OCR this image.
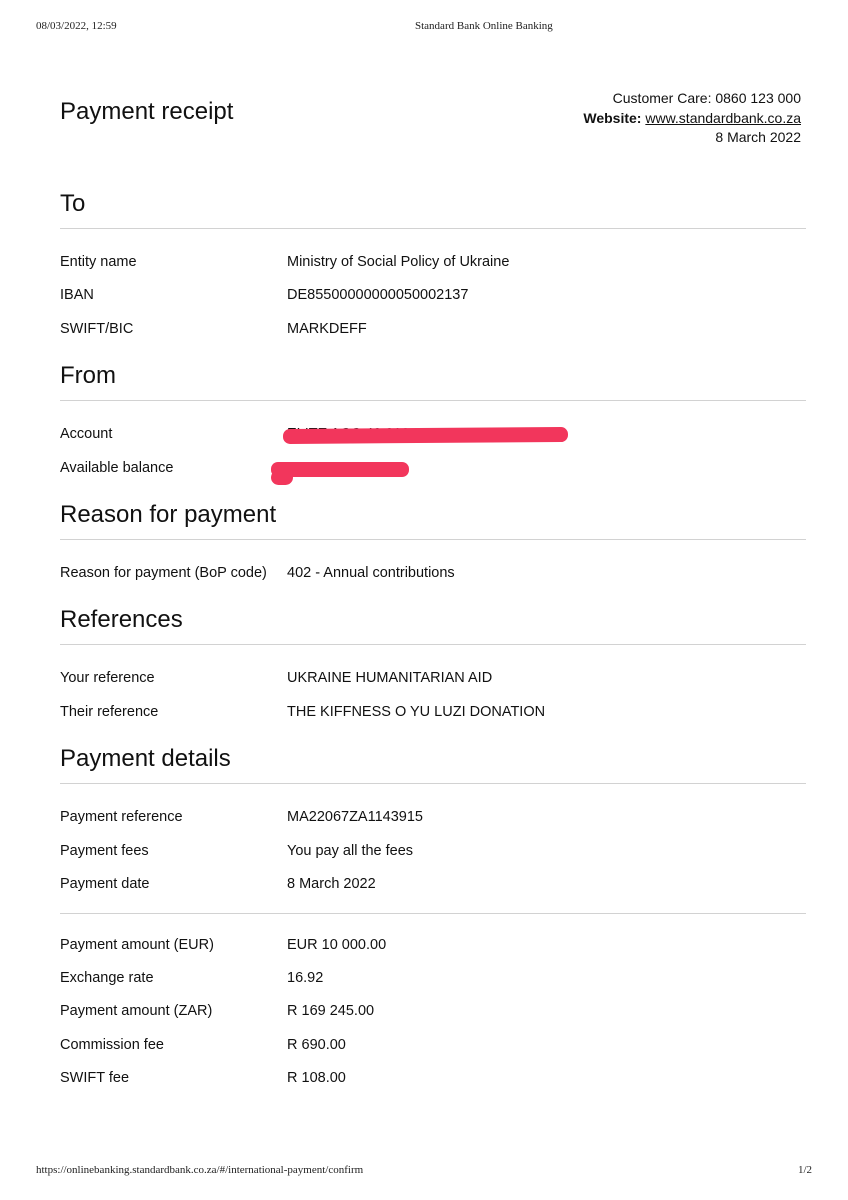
08/03/2022, 12:59	Standard Bank Online Banking
Payment receipt	Customer Care: 0860 123 000
Website: www.standardbank.co.za
8 March 2022
To
Entity name	Ministry of Social Policy of Ukraine
IBAN	DE85500000000050002137
SWIFT/BIC	MARKDEFF
From
Account
Available balance
Reason for payment
Reason for payment (BoP code) 402 - Annual contributions
References
Your reference	UKRAINE HUMANITARIAN AID
Their reference	THE KIFFNESS O YU LUZI DONATION
Payment details
Payment reference	MA22067ZA1143915
Payment fees	You pay all the fees
Payment date	8 March 2022
Payment amount (EUR)	EUR 10 000.00
Exchange rate	16.92
Payment amount (ZAR)	R 169 245.00
Commission fee	R 690.00
SWIFT fee	R 108.00
https://onlinebanking.standardbank.co.za/#/international-payment/confirm	1/2
